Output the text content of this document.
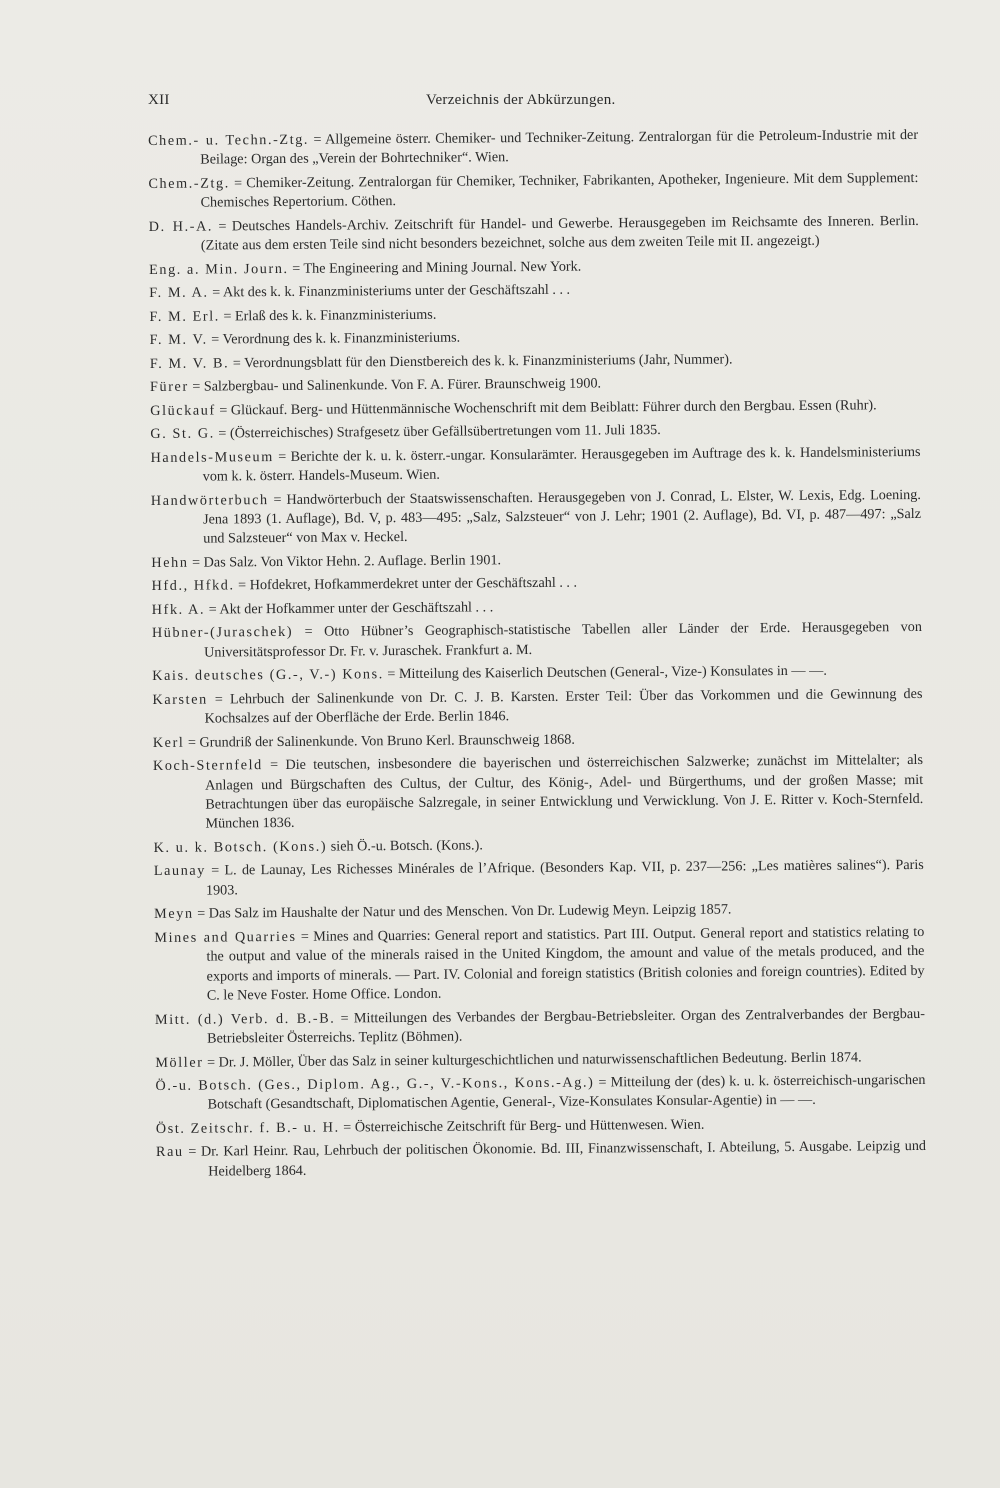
XII	Verzeichnis der Abkürzungen.

Chem.- u. Techn.-Ztg. = Allgemeine österr. Chemiker- und Techniker-Zeitung. Zentralorgan für die Petroleum-Industrie mit der Beilage: Organ des „Verein der Bohrtechniker“. Wien.

Chem.-Ztg. = Chemiker-Zeitung. Zentralorgan für Chemiker, Techniker, Fabrikanten, Apotheker, Ingenieure. Mit dem Supplement: Chemisches Repertorium. Cöthen.

D. H.-A. = Deutsches Handels-Archiv. Zeitschrift für Handel- und Gewerbe. Herausgegeben im Reichsamte des Inneren. Berlin. (Zitate aus dem ersten Teile sind nicht besonders bezeichnet, solche aus dem zweiten Teile mit II. angezeigt.)

Eng. a. Min. Journ. = The Engineering and Mining Journal. New York.

F. M. A. = Akt des k. k. Finanzministeriums unter der Geschäftszahl . . .

F. M. Erl. = Erlaß des k. k. Finanzministeriums.

F. M. V. = Verordnung des k. k. Finanzministeriums.

F. M. V. B. = Verordnungsblatt für den Dienstbereich des k. k. Finanzministeriums (Jahr, Nummer).

Fürer = Salzbergbau- und Salinenkunde. Von F. A. Fürer. Braunschweig 1900.

Glückauf = Glückauf. Berg- und Hüttenmännische Wochenschrift mit dem Beiblatt: Führer durch den Bergbau. Essen (Ruhr).

G. St. G. = (Österreichisches) Strafgesetz über Gefällsübertretungen vom 11. Juli 1835.

Handels-Museum = Berichte der k. u. k. österr.-ungar. Konsularämter. Herausgegeben im Auftrage des k. k. Handelsministeriums vom k. k. österr. Handels-Museum. Wien.

Handwörterbuch = Handwörterbuch der Staatswissenschaften. Herausgegeben von J. Conrad, L. Elster, W. Lexis, Edg. Loening. Jena 1893 (1. Auflage), Bd. V, p. 483—495: „Salz, Salzsteuer“ von J. Lehr; 1901 (2. Auflage), Bd. VI, p. 487—497: „Salz und Salzsteuer“ von Max v. Heckel.

Hehn = Das Salz. Von Viktor Hehn. 2. Auflage. Berlin 1901.

Hfd., Hfkd. = Hofdekret, Hofkammerdekret unter der Geschäftszahl . . .

Hfk. A. = Akt der Hofkammer unter der Geschäftszahl . . .

Hübner-(Juraschek) = Otto Hübner’s Geographisch-statistische Tabellen aller Länder der Erde. Herausgegeben von Universitätsprofessor Dr. Fr. v. Juraschek. Frankfurt a. M.

Kais. deutsches (G.-, V.-) Kons. = Mitteilung des Kaiserlich Deutschen (General-, Vize-) Konsulates in — —.

Karsten = Lehrbuch der Salinenkunde von Dr. C. J. B. Karsten. Erster Teil: Über das Vorkommen und die Gewinnung des Kochsalzes auf der Oberfläche der Erde. Berlin 1846.

Kerl = Grundriß der Salinenkunde. Von Bruno Kerl. Braunschweig 1868.

Koch-Sternfeld = Die teutschen, insbesondere die bayerischen und österreichischen Salzwerke; zunächst im Mittelalter; als Anlagen und Bürgschaften des Cultus, der Cultur, des König-, Adel- und Bürgerthums, und der großen Masse; mit Betrachtungen über das europäische Salzregale, in seiner Entwicklung und Verwicklung. Von J. E. Ritter v. Koch-Sternfeld. München 1836.

K. u. k. Botsch. (Kons.) sieh Ö.-u. Botsch. (Kons.).

Launay = L. de Launay, Les Richesses Minérales de l’Afrique. (Besonders Kap. VII, p. 237—256: „Les matières salines“). Paris 1903.

Meyn = Das Salz im Haushalte der Natur und des Menschen. Von Dr. Ludewig Meyn. Leipzig 1857.

Mines and Quarries = Mines and Quarries: General report and statistics. Part III. Output. General report and statistics relating to the output and value of the minerals raised in the United Kingdom, the amount and value of the metals produced, and the exports and imports of minerals. — Part. IV. Colonial and foreign statistics (British colonies and foreign countries). Edited by C. le Neve Foster. Home Office. London.

Mitt. (d.) Verb. d. B.-B. = Mitteilungen des Verbandes der Bergbau-Betriebsleiter. Organ des Zentralverbandes der Bergbau-Betriebsleiter Österreichs. Teplitz (Böhmen).

Möller = Dr. J. Möller, Über das Salz in seiner kulturgeschichtlichen und naturwissenschaftlichen Bedeutung. Berlin 1874.

Ö.-u. Botsch. (Ges., Diplom. Ag., G.-, V.-Kons., Kons.-Ag.) = Mitteilung der (des) k. u. k. österreichisch-ungarischen Botschaft (Gesandtschaft, Diplomatischen Agentie, General-, Vize-Konsulates Konsular-Agentie) in — —.

Öst. Zeitschr. f. B.- u. H. = Österreichische Zeitschrift für Berg- und Hüttenwesen. Wien.

Rau = Dr. Karl Heinr. Rau, Lehrbuch der politischen Ökonomie. Bd. III, Finanzwissenschaft, I. Abteilung, 5. Ausgabe. Leipzig und Heidelberg 1864.
